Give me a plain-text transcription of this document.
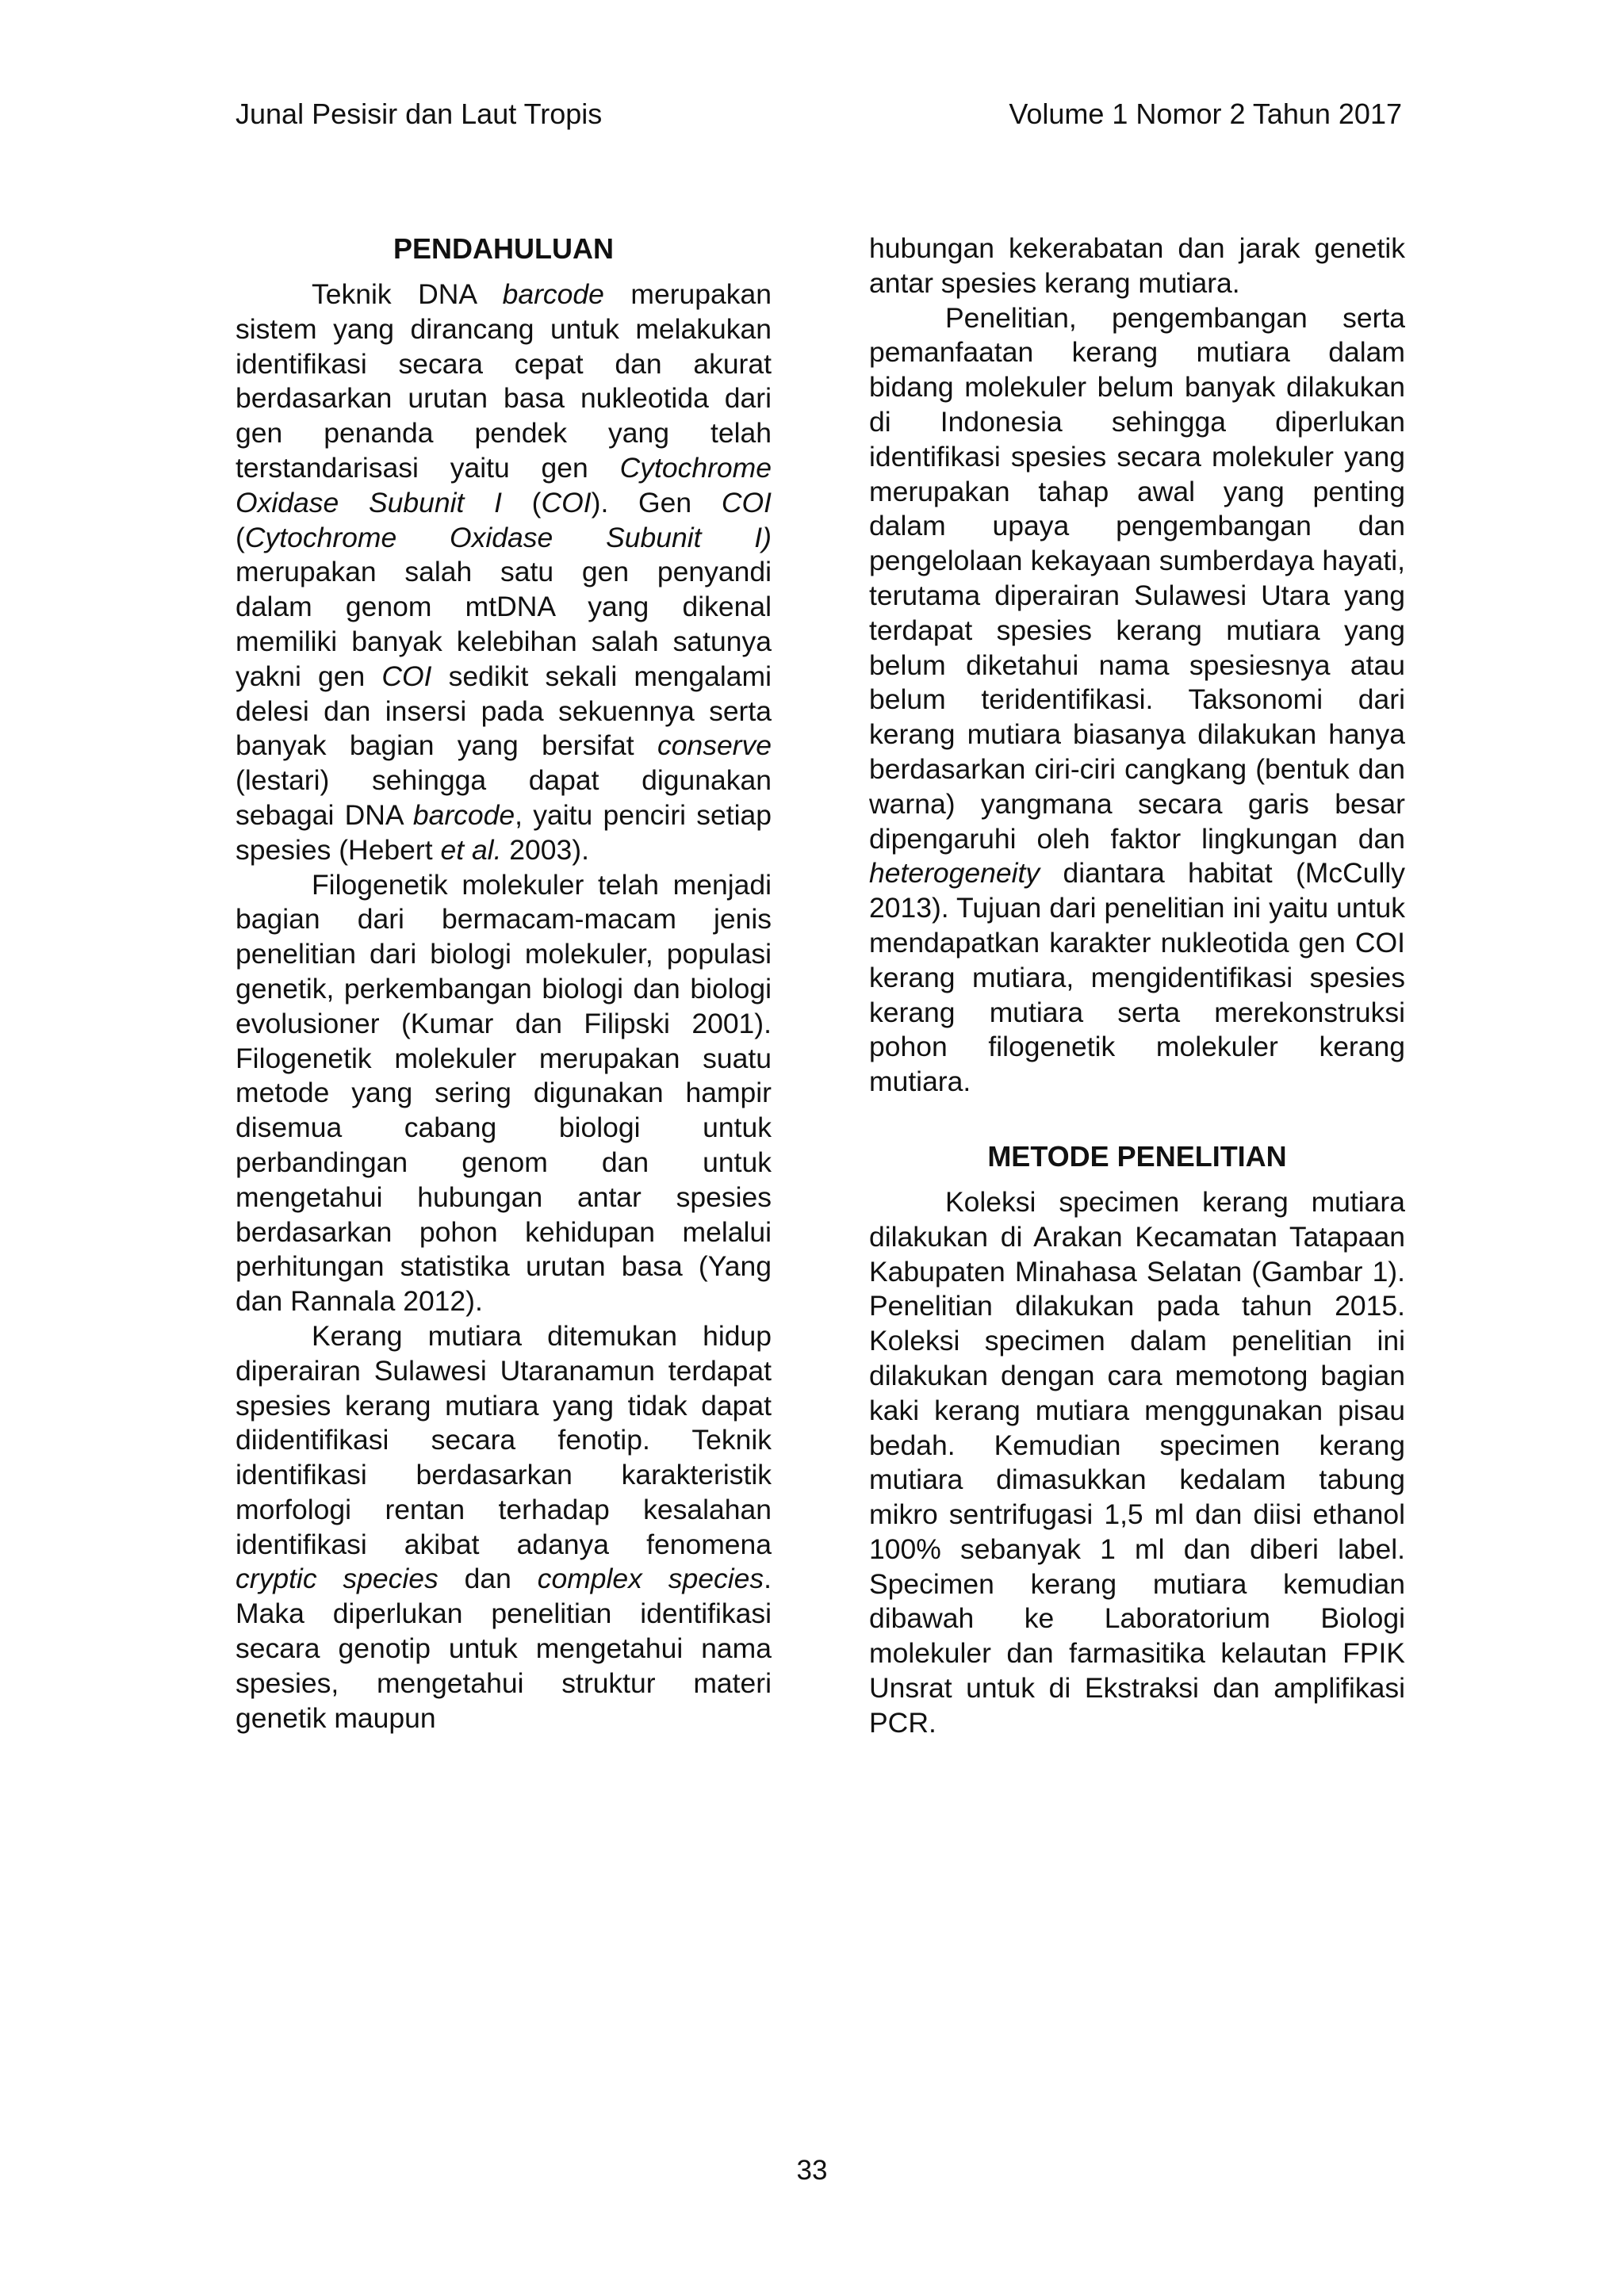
Junal Pesisir dan Laut Tropis	Volume 1 Nomor 2 Tahun 2017
PENDAHULUAN

Teknik DNA barcode merupakan sistem yang dirancang untuk melakukan identifikasi secara cepat dan akurat berdasarkan urutan basa nukleotida dari gen penanda pendek yang telah terstandarisasi yaitu gen Cytochrome Oxidase Subunit I (COI). Gen COI (Cytochrome Oxidase Subunit I) merupakan salah satu gen penyandi dalam genom mtDNA yang dikenal memiliki banyak kelebihan salah satunya yakni gen COI sedikit sekali mengalami delesi dan insersi pada sekuennya serta banyak bagian yang bersifat conserve (lestari) sehingga dapat digunakan sebagai DNA barcode, yaitu penciri setiap spesies (Hebert et al. 2003).

Filogenetik molekuler telah menjadi bagian dari bermacam-macam jenis penelitian dari biologi molekuler, populasi genetik, perkembangan biologi dan biologi evolusioner (Kumar dan Filipski 2001). Filogenetik molekuler merupakan suatu metode yang sering digunakan hampir disemua cabang biologi untuk perbandingan genom dan untuk mengetahui hubungan antar spesies berdasarkan pohon kehidupan melalui perhitungan statistika urutan basa (Yang dan Rannala 2012).

Kerang mutiara ditemukan hidup diperairan Sulawesi Utaranamun terdapat spesies kerang mutiara yang tidak dapat diidentifikasi secara fenotip. Teknik identifikasi berdasarkan karakteristik morfologi rentan terhadap kesalahan identifikasi akibat adanya fenomena cryptic species dan complex species. Maka diperlukan penelitian identifikasi secara genotip untuk mengetahui nama spesies, mengetahui struktur materi genetik maupun

hubungan kekerabatan dan jarak genetik antar spesies kerang mutiara.

Penelitian, pengembangan serta pemanfaatan kerang mutiara dalam bidang molekuler belum banyak dilakukan di Indonesia sehingga diperlukan identifikasi spesies secara molekuler yang merupakan tahap awal yang penting dalam upaya pengembangan dan pengelolaan kekayaan sumberdaya hayati, terutama diperairan Sulawesi Utara yang terdapat spesies kerang mutiara yang belum diketahui nama spesiesnya atau belum teridentifikasi. Taksonomi dari kerang mutiara biasanya dilakukan hanya berdasarkan ciri-ciri cangkang (bentuk dan warna) yangmana secara garis besar dipengaruhi oleh faktor lingkungan dan heterogeneity diantara habitat (McCully 2013). Tujuan dari penelitian ini yaitu untuk mendapatkan karakter nukleotida gen COI kerang mutiara, mengidentifikasi spesies kerang mutiara serta merekonstruksi pohon filogenetik molekuler kerang mutiara.

METODE PENELITIAN

Koleksi specimen kerang mutiara dilakukan di Arakan Kecamatan Tatapaan Kabupaten Minahasa Selatan (Gambar 1). Penelitian dilakukan pada tahun 2015. Koleksi specimen dalam penelitian ini dilakukan dengan cara memotong bagian kaki kerang mutiara menggunakan pisau bedah. Kemudian specimen kerang mutiara dimasukkan kedalam tabung mikro sentrifugasi 1,5 ml dan diisi ethanol 100% sebanyak 1 ml dan diberi label. Specimen kerang mutiara kemudian dibawah ke Laboratorium Biologi molekuler dan farmasitika kelautan FPIK Unsrat untuk di Ekstraksi dan amplifikasi PCR.

33
